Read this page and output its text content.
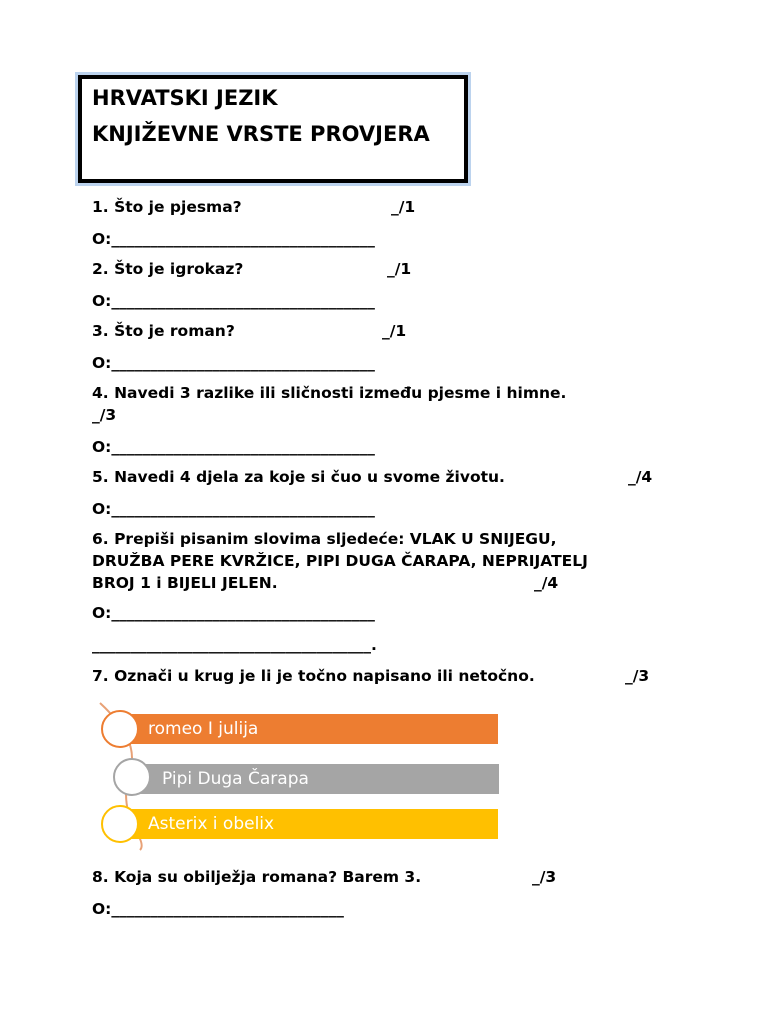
HRVATSKI JEZIK
KNJIŽEVNE VRSTE PROVJERA
1. Što je pjesma?	_/1
O:__________________________________
2. Što je igrokaz?	_/1
O:__________________________________
3. Što je roman?	_/1
O:__________________________________
4. Navedi 3 razlike ili sličnosti između pjesme i himne.
_/3
O:__________________________________
5. Navedi 4 djela za koje si čuo u svome životu.	_/4
O:__________________________________
6. Prepiši pisanim slovima sljedeće: VLAK U SNIJEGU,
DRUŽBA PERE KVRŽICE, PIPI DUGA ČARAPA, NEPRIJATELJ
BROJ 1 i BIJELI JELEN.	_/4
O:__________________________________
____________________________________.
7. Označi u krug je li je točno napisano ili netočno.	_/3
romeo I julija
Pipi Duga Čarapa
Asterix i obelix
8. Koja su obilježja romana? Barem 3.	_/3
O:______________________________
